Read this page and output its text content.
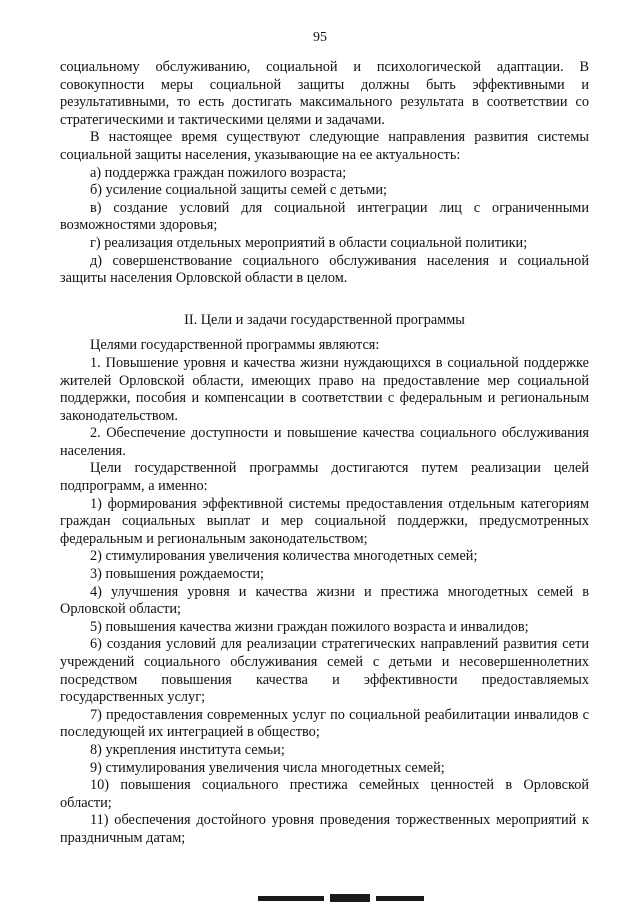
95

социальному обслуживанию, социальной и психологической адаптации. В совокупности меры социальной защиты должны быть эффективными и результативными, то есть достигать максимального результата в соответствии со стратегическими и тактическими целями и задачами.

В настоящее время существуют следующие направления развития системы социальной защиты населения, указывающие на ее актуальность:

а) поддержка граждан пожилого возраста;

б) усиление социальной защиты семей с детьми;

в) создание условий для социальной интеграции лиц с ограниченными возможностями здоровья;

г) реализация отдельных мероприятий в области социальной политики;

д) совершенствование социального обслуживания населения и социальной защиты населения Орловской области в целом.

II. Цели и задачи государственной программы

Целями государственной программы являются:

1. Повышение уровня и качества жизни нуждающихся в социальной поддержке жителей Орловской области, имеющих право на предоставление мер социальной поддержки, пособия и компенсации в соответствии с федеральным и региональным законодательством.

2. Обеспечение доступности и повышение качества социального обслуживания населения.

Цели государственной программы достигаются путем реализации целей подпрограмм, а именно:

1) формирования эффективной системы предоставления отдельным категориям граждан социальных выплат и мер социальной поддержки, предусмотренных федеральным и региональным законодательством;

2) стимулирования увеличения количества многодетных семей;

3) повышения рождаемости;

4) улучшения уровня и качества жизни и престижа многодетных семей в Орловской области;

5) повышения качества жизни граждан пожилого возраста и инвалидов;

6) создания условий для реализации стратегических направлений развития сети учреждений социального обслуживания семей с детьми и несовершеннолетних посредством повышения качества и эффективности предоставляемых государственных услуг;

7) предоставления современных услуг по социальной реабилитации инвалидов с последующей их интеграцией в общество;

8) укрепления института семьи;

9) стимулирования увеличения числа многодетных семей;

10) повышения социального престижа семейных ценностей в Орловской области;

11) обеспечения достойного уровня проведения торжественных мероприятий к праздничным датам;
